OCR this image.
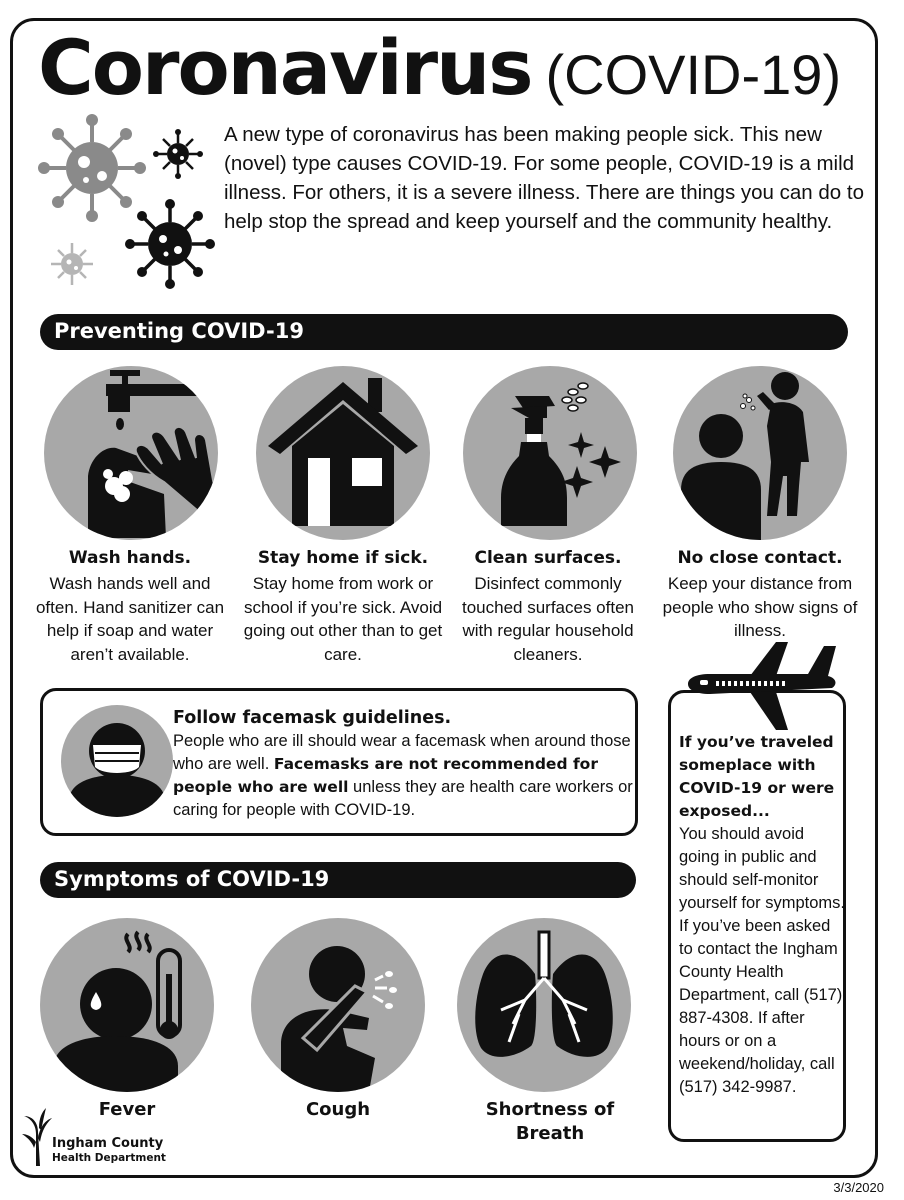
Coronavirus (COVID-19)
A new type of coronavirus has been making people sick. This new (novel) type causes COVID-19. For some people, COVID-19 is a mild illness. For others, it is a severe illness. There are things you can do to help stop the spread and keep yourself and the community healthy.
Preventing COVID-19
Wash hands.
Wash hands well and often. Hand sanitizer can help if soap and water aren’t available.
Stay home if sick.
Stay home from work or school if you’re sick. Avoid going out other than to get care.
Clean surfaces.
Disinfect commonly touched surfaces often with regular household cleaners.
No close contact.
Keep your distance from people who show signs of illness.
Follow facemask guidelines.
People who are ill should wear a facemask when around those who are well. Facemasks are not recommended for people who are well unless they are health care workers or caring for people with COVID-19.
If you’ve traveled someplace with COVID-19 or were exposed...
You should avoid going in public and should self-monitor yourself for symptoms. If you’ve been asked to contact the Ingham County Health Department, call (517) 887-4308. If after hours or on a weekend/holiday, call (517) 342-9987.
Symptoms of COVID-19
Fever	Cough	Shortness of Breath
Ingham County
Health Department
3/3/2020
